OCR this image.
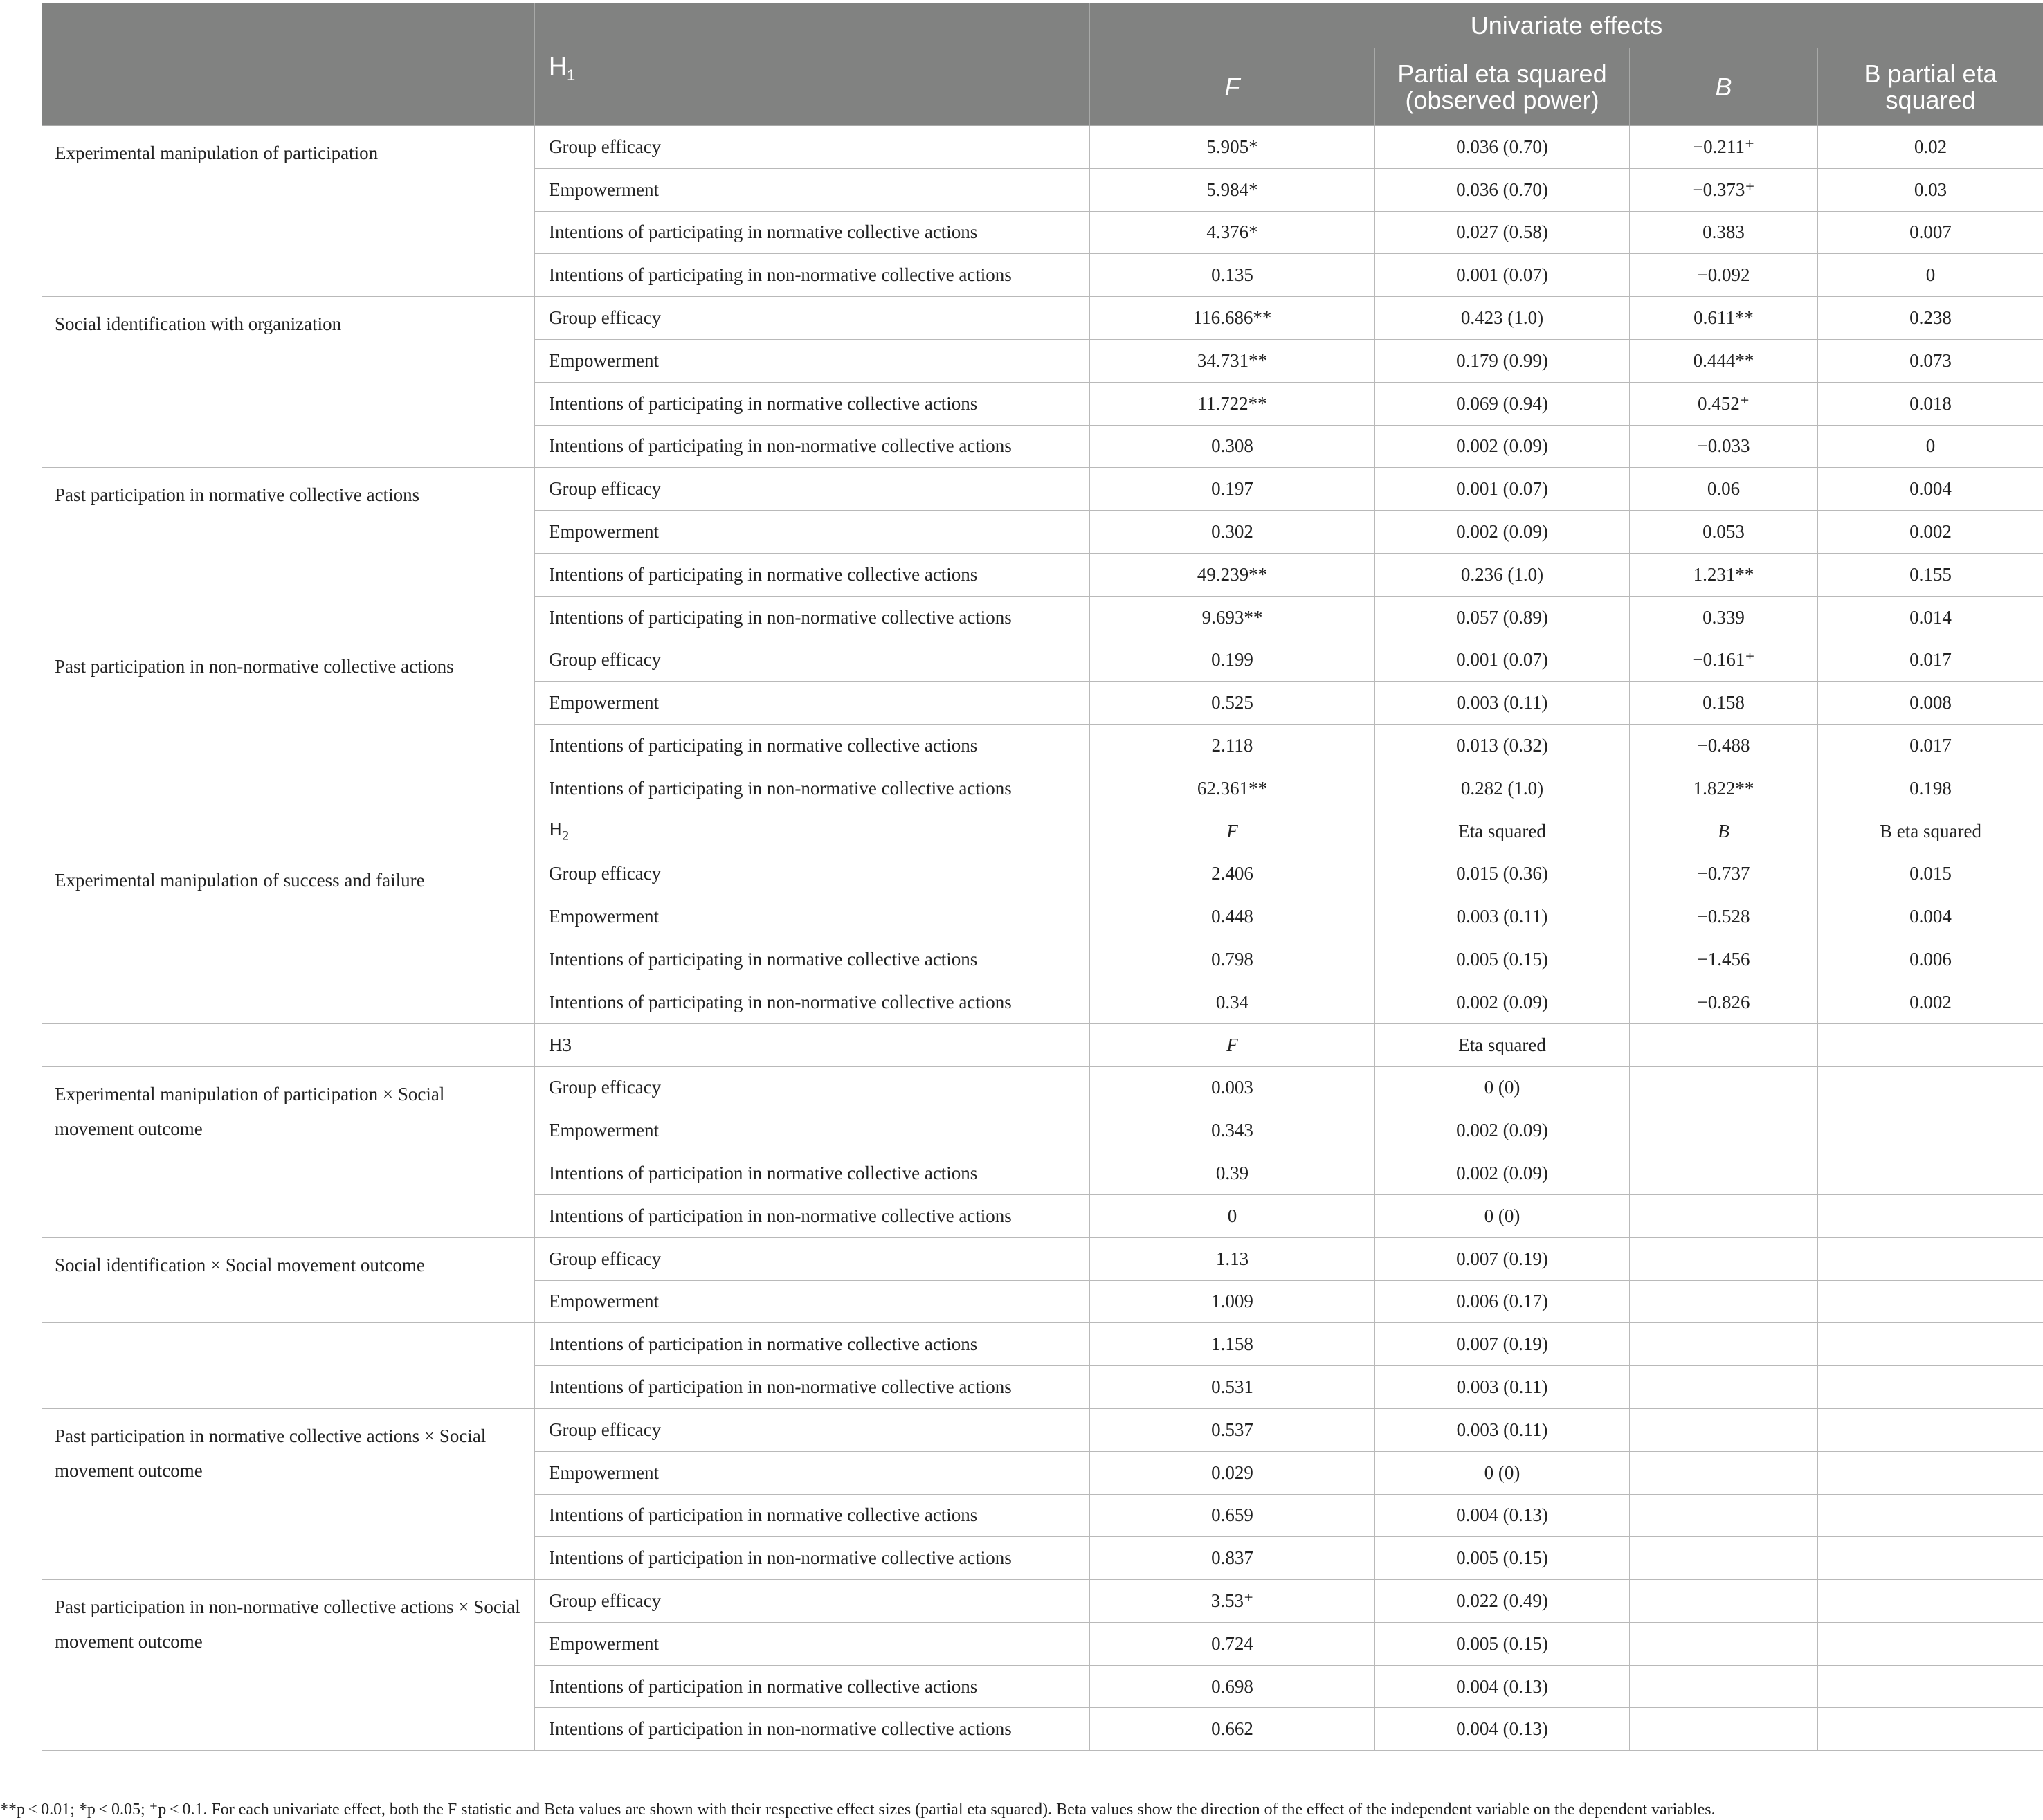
	$H_1$	Univariate effects			
		F	Partial eta squared (observed power)	B	B partial eta squared
Experimental manipulation of participation	Group efficacy	5.905*	0.036 (0.70)	−0.211⁺	0.02
	Empowerment	5.984*	0.036 (0.70)	−0.373⁺	0.03
	Intentions of participating in normative collective actions	4.376*	0.027 (0.58)	0.383	0.007
	Intentions of participating in non-normative collective actions	0.135	0.001 (0.07)	−0.092	0
Social identification with organization	Group efficacy	116.686**	0.423 (1.0)	0.611**	0.238
	Empowerment	34.731**	0.179 (0.99)	0.444**	0.073
	Intentions of participating in normative collective actions	11.722**	0.069 (0.94)	0.452⁺	0.018
	Intentions of participating in non-normative collective actions	0.308	0.002 (0.09)	−0.033	0
Past participation in normative collective actions	Group efficacy	0.197	0.001 (0.07)	0.06	0.004
	Empowerment	0.302	0.002 (0.09)	0.053	0.002
	Intentions of participating in normative collective actions	49.239**	0.236 (1.0)	1.231**	0.155
	Intentions of participating in non-normative collective actions	9.693**	0.057 (0.89)	0.339	0.014
Past participation in non-normative collective actions	Group efficacy	0.199	0.001 (0.07)	−0.161⁺	0.017
	Empowerment	0.525	0.003 (0.11)	0.158	0.008
	Intentions of participating in normative collective actions	2.118	0.013 (0.32)	−0.488	0.017
	Intentions of participating in non-normative collective actions	62.361**	0.282 (1.0)	1.822**	0.198
	$H_2$	F	Eta squared	B	B eta squared
Experimental manipulation of success and failure	Group efficacy	2.406	0.015 (0.36)	−0.737	0.015
	Empowerment	0.448	0.003 (0.11)	−0.528	0.004
	Intentions of participating in normative collective actions	0.798	0.005 (0.15)	−1.456	0.006
	Intentions of participating in non-normative collective actions	0.34	0.002 (0.09)	−0.826	0.002
	H3	F	Eta squared		
Experimental manipulation of participation × Social movement outcome	Group efficacy	0.003	0 (0)		
	Empowerment	0.343	0.002 (0.09)		
	Intentions of participation in normative collective actions	0.39	0.002 (0.09)		
	Intentions of participation in non-normative collective actions	0	0 (0)		
Social identification × Social movement outcome	Group efficacy	1.13	0.007 (0.19)		
	Empowerment	1.009	0.006 (0.17)		
	Intentions of participation in normative collective actions	1.158	0.007 (0.19)		
	Intentions of participation in non-normative collective actions	0.531	0.003 (0.11)		
Past participation in normative collective actions × Social movement outcome	Group efficacy	0.537	0.003 (0.11)		
	Empowerment	0.029	0 (0)		
	Intentions of participation in normative collective actions	0.659	0.004 (0.13)		
	Intentions of participation in non-normative collective actions	0.837	0.005 (0.15)		
Past participation in non-normative collective actions × Social movement outcome	Group efficacy	3.53⁺	0.022 (0.49)		
	Empowerment	0.724	0.005 (0.15)		
	Intentions of participation in normative collective actions	0.698	0.004 (0.13)		
	Intentions of participation in non-normative collective actions	0.662	0.004 (0.13)		
**p < 0.01; *p < 0.05; ⁺p < 0.1. For each univariate effect, both the F statistic and Beta values are shown with their respective effect sizes (partial eta squared). Beta values show the direction of the effect of the independent variable on the dependent variables.
